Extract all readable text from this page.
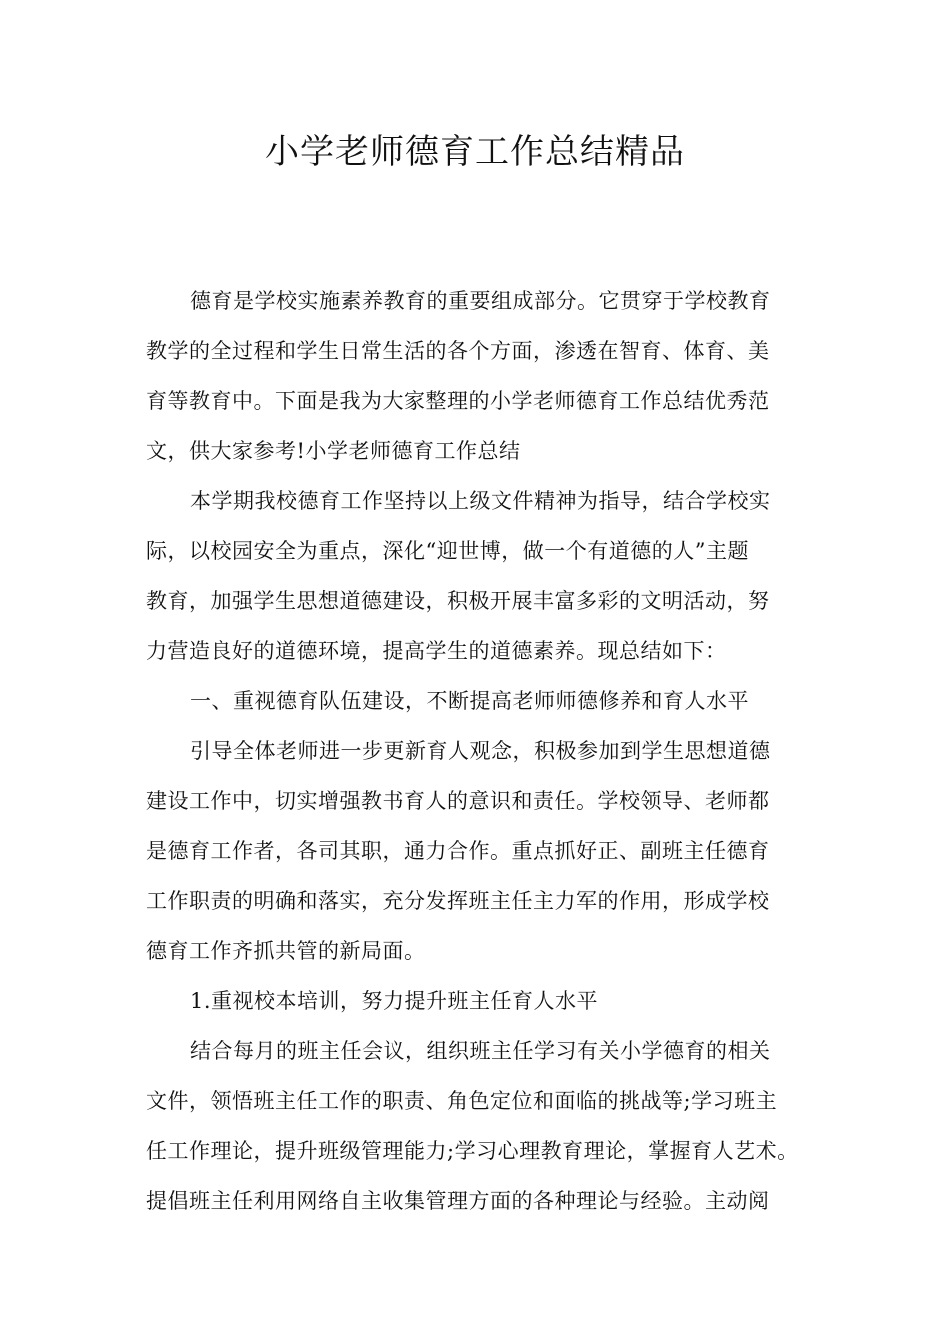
小学老师德育工作总结精品
德育是学校实施素养教育的重要组成部分。它贯穿于学校教育
教学的全过程和学生日常生活的各个方面，渗透在智育、体育、美
育等教育中。下面是我为大家整理的小学老师德育工作总结优秀范
文，供大家参考!小学老师德育工作总结
本学期我校德育工作坚持以上级文件精神为指导，结合学校实
际，以校园安全为重点，深化“迎世博，做一个有道德的人”主题
教育，加强学生思想道德建设，积极开展丰富多彩的文明活动，努
力营造良好的道德环境，提高学生的道德素养。现总结如下：
一、重视德育队伍建设，不断提高老师师德修养和育人水平
引导全体老师进一步更新育人观念，积极参加到学生思想道德
建设工作中，切实增强教书育人的意识和责任。学校领导、老师都
是德育工作者，各司其职，通力合作。重点抓好正、副班主任德育
工作职责的明确和落实，充分发挥班主任主力军的作用，形成学校
德育工作齐抓共管的新局面。
1.重视校本培训，努力提升班主任育人水平
结合每月的班主任会议，组织班主任学习有关小学德育的相关
文件，领悟班主任工作的职责、角色定位和面临的挑战等;学习班主
任工作理论，提升班级管理能力;学习心理教育理论，掌握育人艺术。
提倡班主任利用网络自主收集管理方面的各种理论与经验。主动阅
